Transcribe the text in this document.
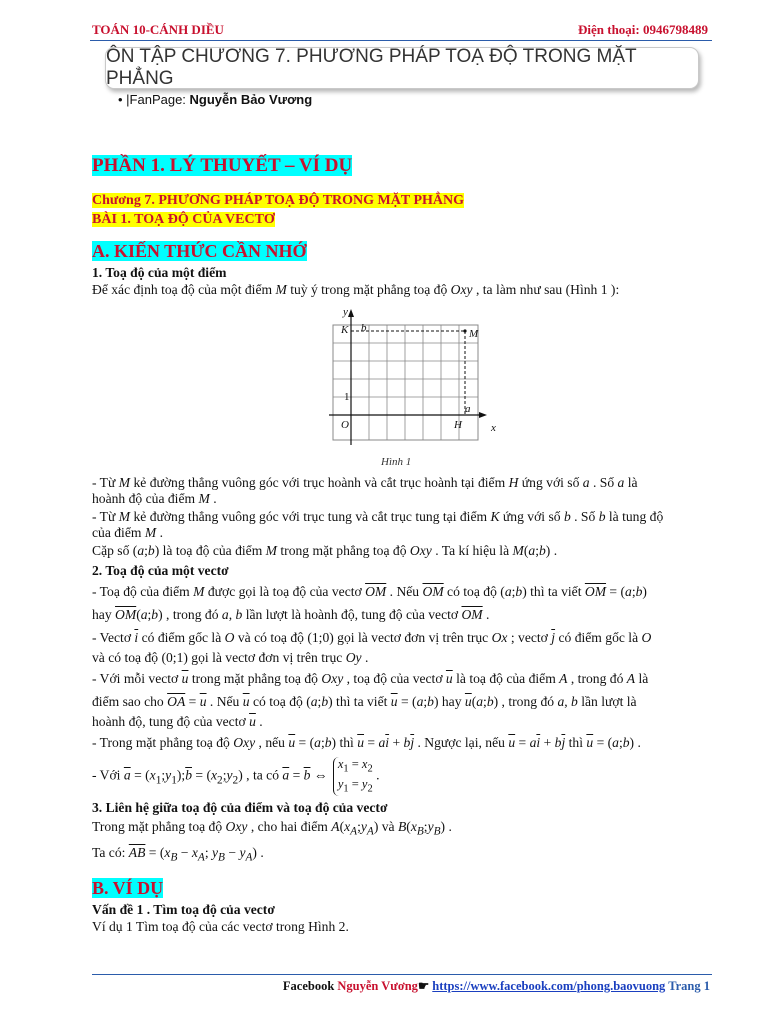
TOÁN 10-CÁNH DIỀU	Điện thoại: 0946798489
ÔN TẬP CHƯƠNG 7. PHƯƠNG PHÁP TOẠ ĐỘ TRONG MẶT PHẲNG
• |FanPage: Nguyễn Bảo Vương
PHẦN 1. LÝ THUYẾT – VÍ DỤ
Chương 7. PHƯƠNG PHÁP TOẠ ĐỘ TRONG MẶT PHẲNG
BÀI 1. TOẠ ĐỘ CỦA VECTƠ
A. KIẾN THỨC CẦN NHỚ
1. Toạ độ của một điểm
Để xác định toạ độ của một điểm M tuỳ ý trong mặt phẳng toạ độ Oxy , ta làm như sau (Hình 1 ):
y
x
K b	M
1
O	H
a
Hình 1
- Từ M kẻ đường thẳng vuông góc với trục hoành và cắt trục hoành tại điểm H ứng với số a . Số a là
hoành độ của điểm M .
- Từ M kẻ đường thẳng vuông góc với trục tung và cắt trục tung tại điểm K ứng với số b . Số b là tung độ
của điểm M .
Cặp số (a;b) là toạ độ của điểm M trong mặt phẳng toạ độ Oxy . Ta kí hiệu là M(a;b) .
2. Toạ độ của một vectơ
- Toạ độ của điểm M được gọi là toạ độ của vectơ $\overline{OM}$ . Nếu $\overline{OM}$ có toạ độ (a;b) thì ta viết $\overline{OM}$ = (a;b)
hay $\overline{OM}(a;b)$ , trong đó a, b lần lượt là hoành độ, tung độ của vectơ $\overline{OM}$ .
- Vectơ $\overline{i}$ có điểm gốc là O và có toạ độ (1;0) gọi là vectơ đơn vị trên trục Ox ; vectơ $\overline{j}$ có điểm gốc là O
và có toạ độ (0;1) gọi là vectơ đơn vị trên trục Oy .
- Với mỗi vectơ $\overline{u}$ trong mặt phẳng toạ độ Oxy , toạ độ của vectơ $\overline{u}$ là toạ độ của điểm A , trong đó A là
điểm sao cho $\overline{OA} = \overline{u}$ . Nếu $\overline{u}$ có toạ độ (a;b) thì ta viết $\overline{u}$ = (a;b) hay $\overline{u}(a;b)$ , trong đó a, b lần lượt là
hoành độ, tung độ của vectơ $\overline{u}$ .
- Trong mặt phẳng toạ độ Oxy , nếu $\overline{u}$ = (a;b) thì $\overline{u} = a\overline{i} + b\overline{j}$ . Ngược lại, nếu $\overline{u} = a\overline{i} + b\overline{j}$ thì $\overline{u}$ = (a;b) .
- Với $\overline{a}$ = $(x_1;y_1);\overline{b}$ = $(x_2;y_2)$ , ta có $\overline{a} = \overline{b}$ ⇔ $x_1 = x_2$
$y_1 = y_2$ .
3. Liên hệ giữa toạ độ của điểm và toạ độ của vectơ
Trong mặt phẳng toạ độ Oxy , cho hai điểm $A(x_A;y_A)$ và $B(x_B;y_B)$ .
Ta có: $\overline{AB} = (x_B - x_A$; $y_B - y_A$) .
B. VÍ DỤ
Vấn đề 1 . Tìm toạ độ của vectơ
Ví dụ 1 Tìm toạ độ của các vectơ trong Hình 2.
Facebook Nguyễn Vương☛ https://www.facebook.com/phong.baovuong Trang 1
